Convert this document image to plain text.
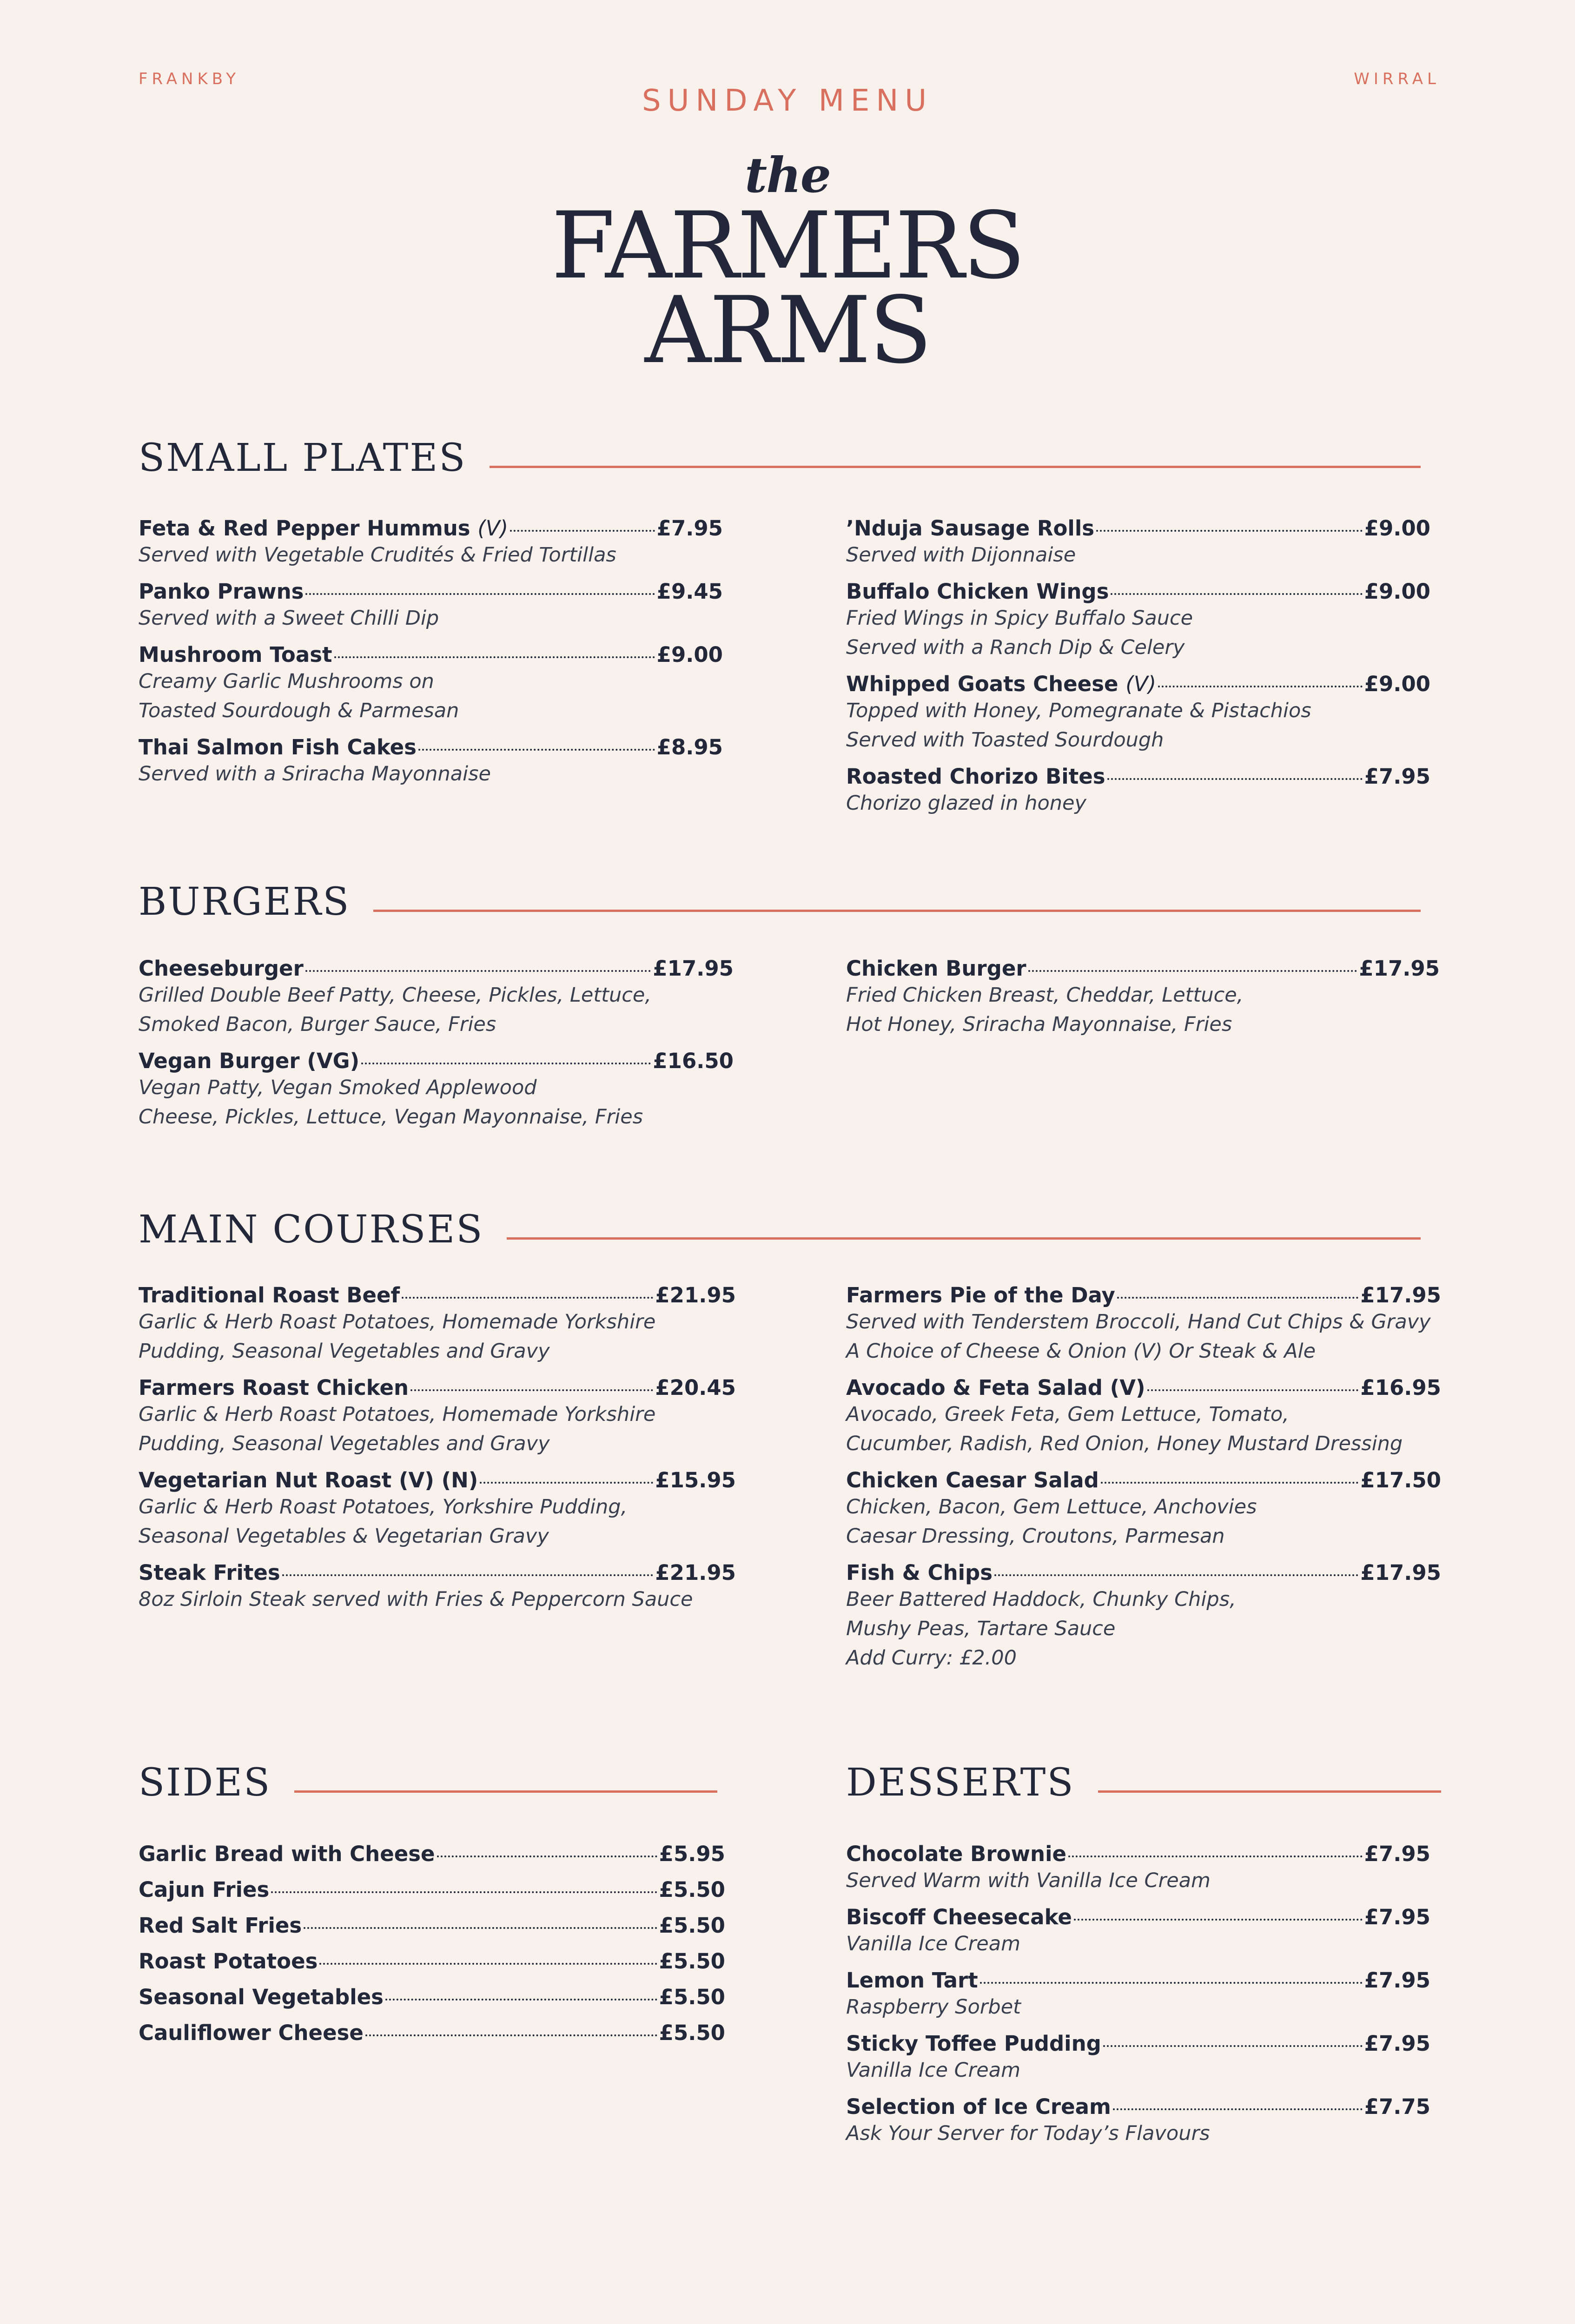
FRANKBY	WIRRAL
SUNDAY MENU
the
FARMERS
ARMS
SMALL PLATES
Feta & Red Pepper Hummus (V)	£7.95
Served with Vegetable Crudités & Fried Tortillas
Panko Prawns	£9.45
Served with a Sweet Chilli Dip
Mushroom Toast	£9.00
Creamy Garlic Mushrooms on
Toasted Sourdough & Parmesan
Thai Salmon Fish Cakes	£8.95
Served with a Sriracha Mayonnaise
’Nduja Sausage Rolls	£9.00
Served with Dijonnaise
Buffalo Chicken Wings	£9.00
Fried Wings in Spicy Buffalo Sauce
Served with a Ranch Dip & Celery
Whipped Goats Cheese (V)	£9.00
Topped with Honey, Pomegranate & Pistachios
Served with Toasted Sourdough
Roasted Chorizo Bites	£7.95
Chorizo glazed in honey
BURGERS
Cheeseburger	£17.95
Grilled Double Beef Patty, Cheese, Pickles, Lettuce,
Smoked Bacon, Burger Sauce, Fries
Vegan Burger (VG)	£16.50
Vegan Patty, Vegan Smoked Applewood
Cheese, Pickles, Lettuce, Vegan Mayonnaise, Fries
Chicken Burger	£17.95
Fried Chicken Breast, Cheddar, Lettuce,
Hot Honey, Sriracha Mayonnaise, Fries
MAIN COURSES
Traditional Roast Beef	£21.95
Garlic & Herb Roast Potatoes, Homemade Yorkshire
Pudding, Seasonal Vegetables and Gravy
Farmers Roast Chicken	£20.45
Garlic & Herb Roast Potatoes, Homemade Yorkshire
Pudding, Seasonal Vegetables and Gravy
Vegetarian Nut Roast (V) (N)	£15.95
Garlic & Herb Roast Potatoes, Yorkshire Pudding,
Seasonal Vegetables & Vegetarian Gravy
Steak Frites	£21.95
8oz Sirloin Steak served with Fries & Peppercorn Sauce
Farmers Pie of the Day	£17.95
Served with Tenderstem Broccoli, Hand Cut Chips & Gravy
A Choice of Cheese & Onion (V) Or Steak & Ale
Avocado & Feta Salad (V)	£16.95
Avocado, Greek Feta, Gem Lettuce, Tomato,
Cucumber, Radish, Red Onion, Honey Mustard Dressing
Chicken Caesar Salad	£17.50
Chicken, Bacon, Gem Lettuce, Anchovies
Caesar Dressing, Croutons, Parmesan
Fish & Chips	£17.95
Beer Battered Haddock, Chunky Chips,
Mushy Peas, Tartare Sauce
Add Curry: £2.00
SIDES
Garlic Bread with Cheese	£5.95
Cajun Fries	£5.50
Red Salt Fries	£5.50
Roast Potatoes	£5.50
Seasonal Vegetables	£5.50
Cauliflower Cheese	£5.50
DESSERTS
Chocolate Brownie	£7.95
Served Warm with Vanilla Ice Cream
Biscoff Cheesecake	£7.95
Vanilla Ice Cream
Lemon Tart	£7.95
Raspberry Sorbet
Sticky Toffee Pudding	£7.95
Vanilla Ice Cream
Selection of Ice Cream	£7.75
Ask Your Server for Today’s Flavours
